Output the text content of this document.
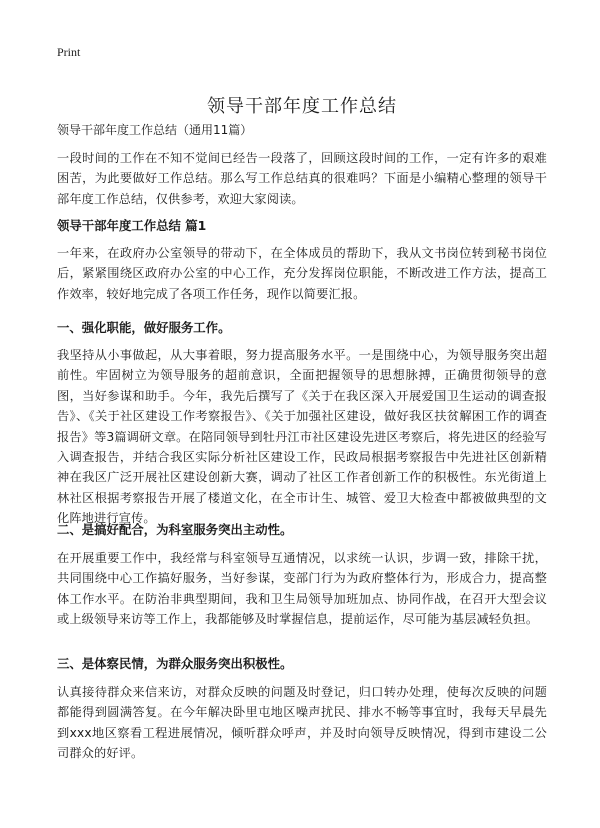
Print
领导干部年度工作总结
领导干部年度工作总结（通用11篇）

一段时间的工作在不知不觉间已经告一段落了，回顾这段时间的工作，一定有许多的艰难困苦，为此要做好工作总结。那么写工作总结真的很难吗？下面是小编精心整理的领导干部年度工作总结，仅供参考，欢迎大家阅读。

领导干部年度工作总结 篇1

一年来，在政府办公室领导的带动下，在全体成员的帮助下，我从文书岗位转到秘书岗位后，紧紧围绕区政府办公室的中心工作，充分发挥岗位职能，不断改进工作方法，提高工作效率，较好地完成了各项工作任务，现作以简要汇报。

一、强化职能，做好服务工作。

我坚持从小事做起，从大事着眼，努力提高服务水平。一是围绕中心，为领导服务突出超前性。牢固树立为领导服务的超前意识，全面把握领导的思想脉搏，正确贯彻领导的意图，当好参谋和助手。今年，我先后撰写了《关于在我区深入开展爱国卫生运动的调查报告》、《关于社区建设工作考察报告》、《关于加强社区建设，做好我区扶贫解困工作的调查报告》等3篇调研文章。在陪同领导到牡丹江市社区建设先进区考察后，将先进区的经验写入调查报告，并结合我区实际分析社区建设工作，民政局根据考察报告中先进社区创新精神在我区广泛开展社区建设创新大赛，调动了社区工作者创新工作的积极性。东光街道上林社区根据考察报告开展了楼道文化，在全市计生、城管、爱卫大检查中都被做典型的文化阵地进行宣传。

二、是搞好配合，为科室服务突出主动性。

在开展重要工作中，我经常与科室领导互通情况，以求统一认识，步调一致，排除干扰，共同围绕中心工作搞好服务，当好参谋，变部门行为为政府整体行为，形成合力，提高整体工作水平。在防治非典型期间，我和卫生局领导加班加点、协同作战，在召开大型会议或上级领导来访等工作上，我都能够及时掌握信息，提前运作，尽可能为基层减轻负担。

三、是体察民情，为群众服务突出积极性。

认真接待群众来信来访，对群众反映的问题及时登记，归口转办处理，使每次反映的问题都能得到圆满答复。在今年解决卧里屯地区噪声扰民、排水不畅等事宜时，我每天早晨先到xxx地区察看工程进展情况，倾听群众呼声，并及时向领导反映情况，得到市建设二公司群众的好评。
